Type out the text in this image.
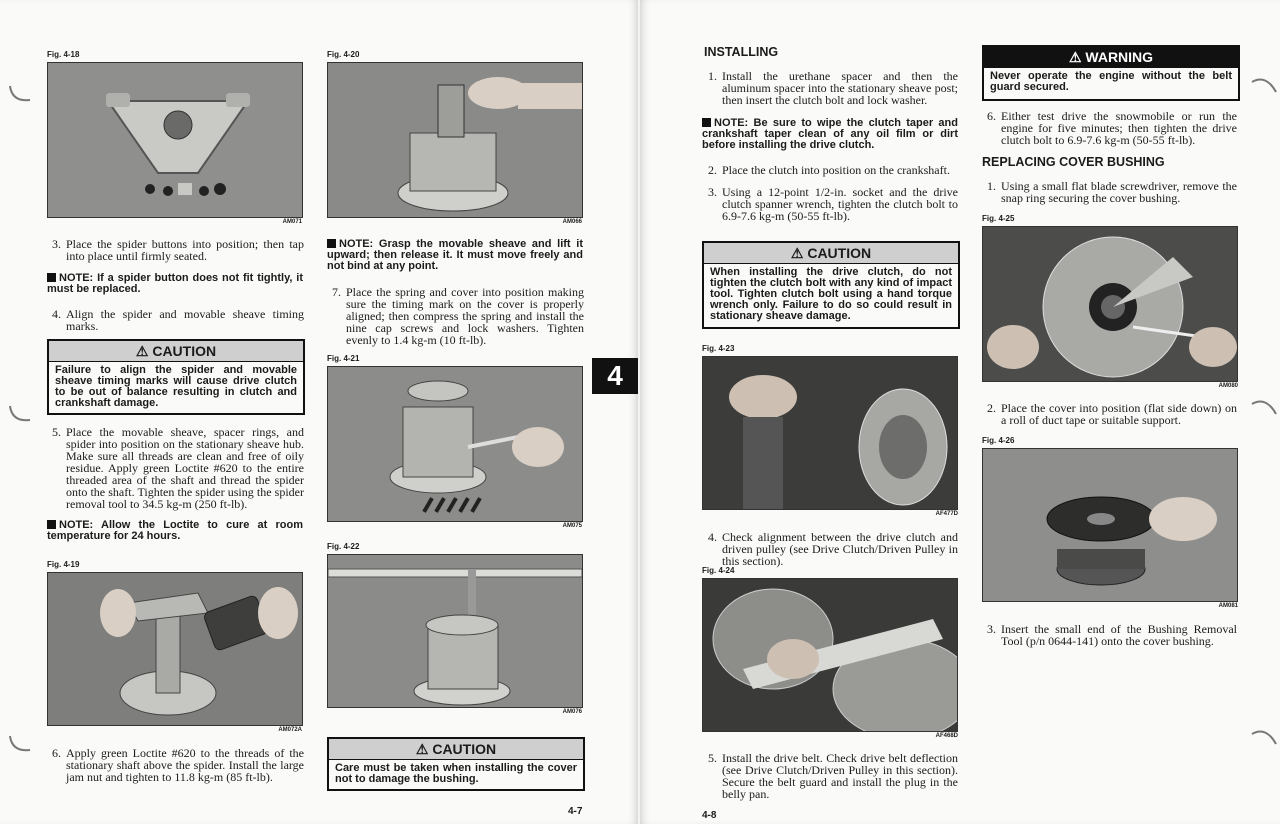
Fig. 4-18
AM071
3. Place the spider buttons into position; then tap into place until firmly seated.
NOTE: If a spider button does not fit tightly, it must be replaced.
4. Align the spider and movable sheave timing marks.
⚠ CAUTION
Failure to align the spider and movable sheave timing marks will cause drive clutch to be out of balance resulting in clutch and crankshaft damage.
5. Place the movable sheave, spacer rings, and spider into position on the stationary sheave hub. Make sure all threads are clean and free of oily residue. Apply green Loctite #620 to the entire threaded area of the shaft and thread the spider onto the shaft. Tighten the spider using the spider removal tool to 34.5 kg-m (250 ft-lb).
NOTE: Allow the Loctite to cure at room temperature for 24 hours.
Fig. 4-19
AM072A
6. Apply green Loctite #620 to the threads of the stationary shaft above the spider. Install the large jam nut and tighten to 11.8 kg-m (85 ft-lb).
Fig. 4-20
AM066
NOTE: Grasp the movable sheave and lift it upward; then release it. It must move freely and not bind at any point.
7. Place the spring and cover into position making sure the timing mark on the cover is properly aligned; then compress the spring and install the nine cap screws and lock washers. Tighten evenly to 1.4 kg-m (10 ft-lb).
Fig. 4-21
AM075
Fig. 4-22
AM076
⚠ CAUTION
Care must be taken when installing the cover not to damage the bushing.
4-7
4
INSTALLING
1. Install the urethane spacer and then the aluminum spacer into the stationary sheave post; then insert the clutch bolt and lock washer.
NOTE: Be sure to wipe the clutch taper and crankshaft taper clean of any oil film or dirt before installing the drive clutch.
2. Place the clutch into position on the crankshaft.
3. Using a 12-point 1/2-in. socket and the drive clutch spanner wrench, tighten the clutch bolt to 6.9-7.6 kg-m (50-55 ft-lb).
⚠ CAUTION
When installing the drive clutch, do not tighten the clutch bolt with any kind of impact tool. Tighten clutch bolt using a hand torque wrench only. Failure to do so could result in stationary sheave damage.
Fig. 4-23
AF477D
4. Check alignment between the drive clutch and driven pulley (see Drive Clutch/Driven Pulley in this section).
Fig. 4-24
AF468D
5. Install the drive belt. Check drive belt deflection (see Drive Clutch/Driven Pulley in this section). Secure the belt guard and install the plug in the belly pan.
⚠ WARNING
Never operate the engine without the belt guard secured.
6. Either test drive the snowmobile or run the engine for five minutes; then tighten the drive clutch bolt to 6.9-7.6 kg-m (50-55 ft-lb).
REPLACING COVER BUSHING
1. Using a small flat blade screwdriver, remove the snap ring securing the cover bushing.
Fig. 4-25
AM080
2. Place the cover into position (flat side down) on a roll of duct tape or suitable support.
Fig. 4-26
AM081
3. Insert the small end of the Bushing Removal Tool (p/n 0644-141) onto the cover bushing.
4-8
